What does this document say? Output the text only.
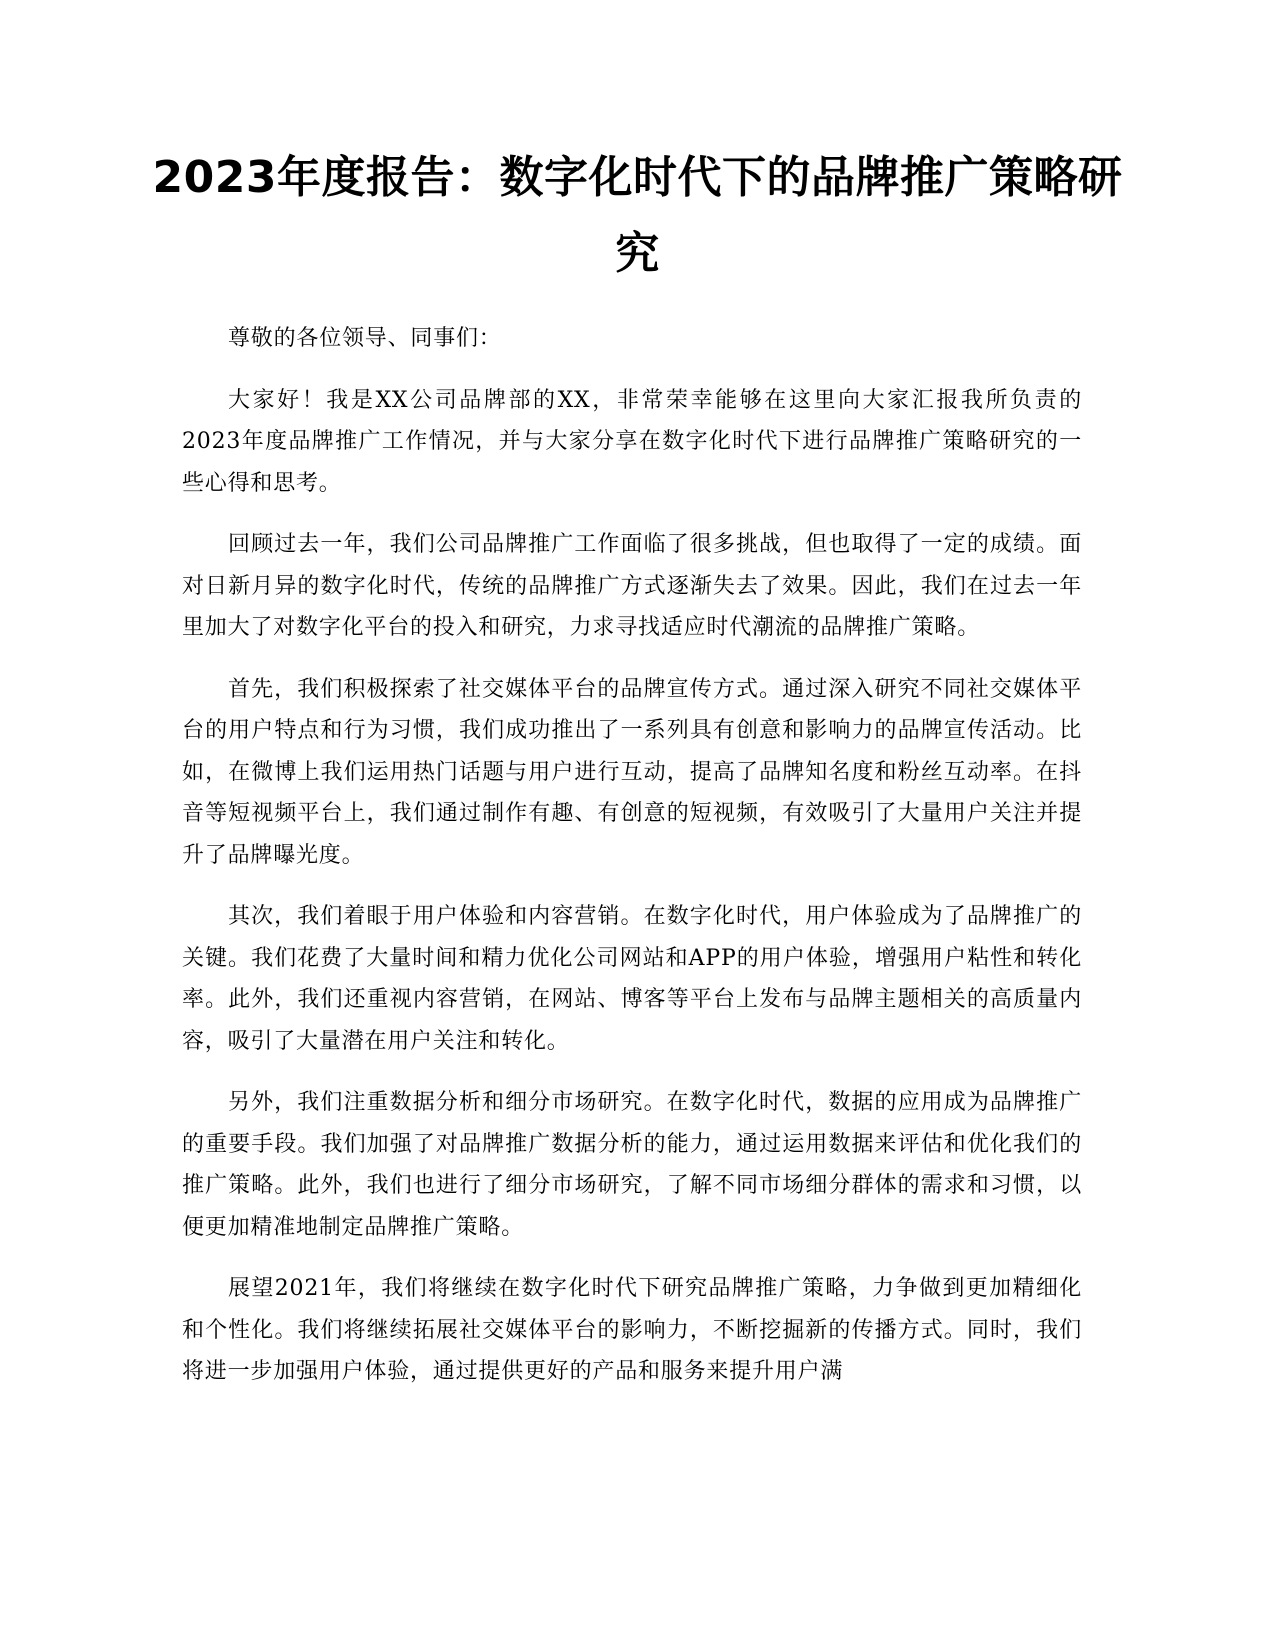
2023年度报告：数字化时代下的品牌推广策略研究

尊敬的各位领导、同事们：

大家好！我是XX公司品牌部的XX，非常荣幸能够在这里向大家汇报我所负责的2023年度品牌推广工作情况，并与大家分享在数字化时代下进行品牌推广策略研究的一些心得和思考。

回顾过去一年，我们公司品牌推广工作面临了很多挑战，但也取得了一定的成绩。面对日新月异的数字化时代，传统的品牌推广方式逐渐失去了效果。因此，我们在过去一年里加大了对数字化平台的投入和研究，力求寻找适应时代潮流的品牌推广策略。

首先，我们积极探索了社交媒体平台的品牌宣传方式。通过深入研究不同社交媒体平台的用户特点和行为习惯，我们成功推出了一系列具有创意和影响力的品牌宣传活动。比如，在微博上我们运用热门话题与用户进行互动，提高了品牌知名度和粉丝互动率。在抖音等短视频平台上，我们通过制作有趣、有创意的短视频，有效吸引了大量用户关注并提升了品牌曝光度。

其次，我们着眼于用户体验和内容营销。在数字化时代，用户体验成为了品牌推广的关键。我们花费了大量时间和精力优化公司网站和APP的用户体验，增强用户粘性和转化率。此外，我们还重视内容营销，在网站、博客等平台上发布与品牌主题相关的高质量内容，吸引了大量潜在用户关注和转化。

另外，我们注重数据分析和细分市场研究。在数字化时代，数据的应用成为品牌推广的重要手段。我们加强了对品牌推广数据分析的能力，通过运用数据来评估和优化我们的推广策略。此外，我们也进行了细分市场研究，了解不同市场细分群体的需求和习惯，以便更加精准地制定品牌推广策略。

展望2021年，我们将继续在数字化时代下研究品牌推广策略，力争做到更加精细化和个性化。我们将继续拓展社交媒体平台的影响力，不断挖掘新的传播方式。同时，我们将进一步加强用户体验，通过提供更好的产品和服务来提升用户满
